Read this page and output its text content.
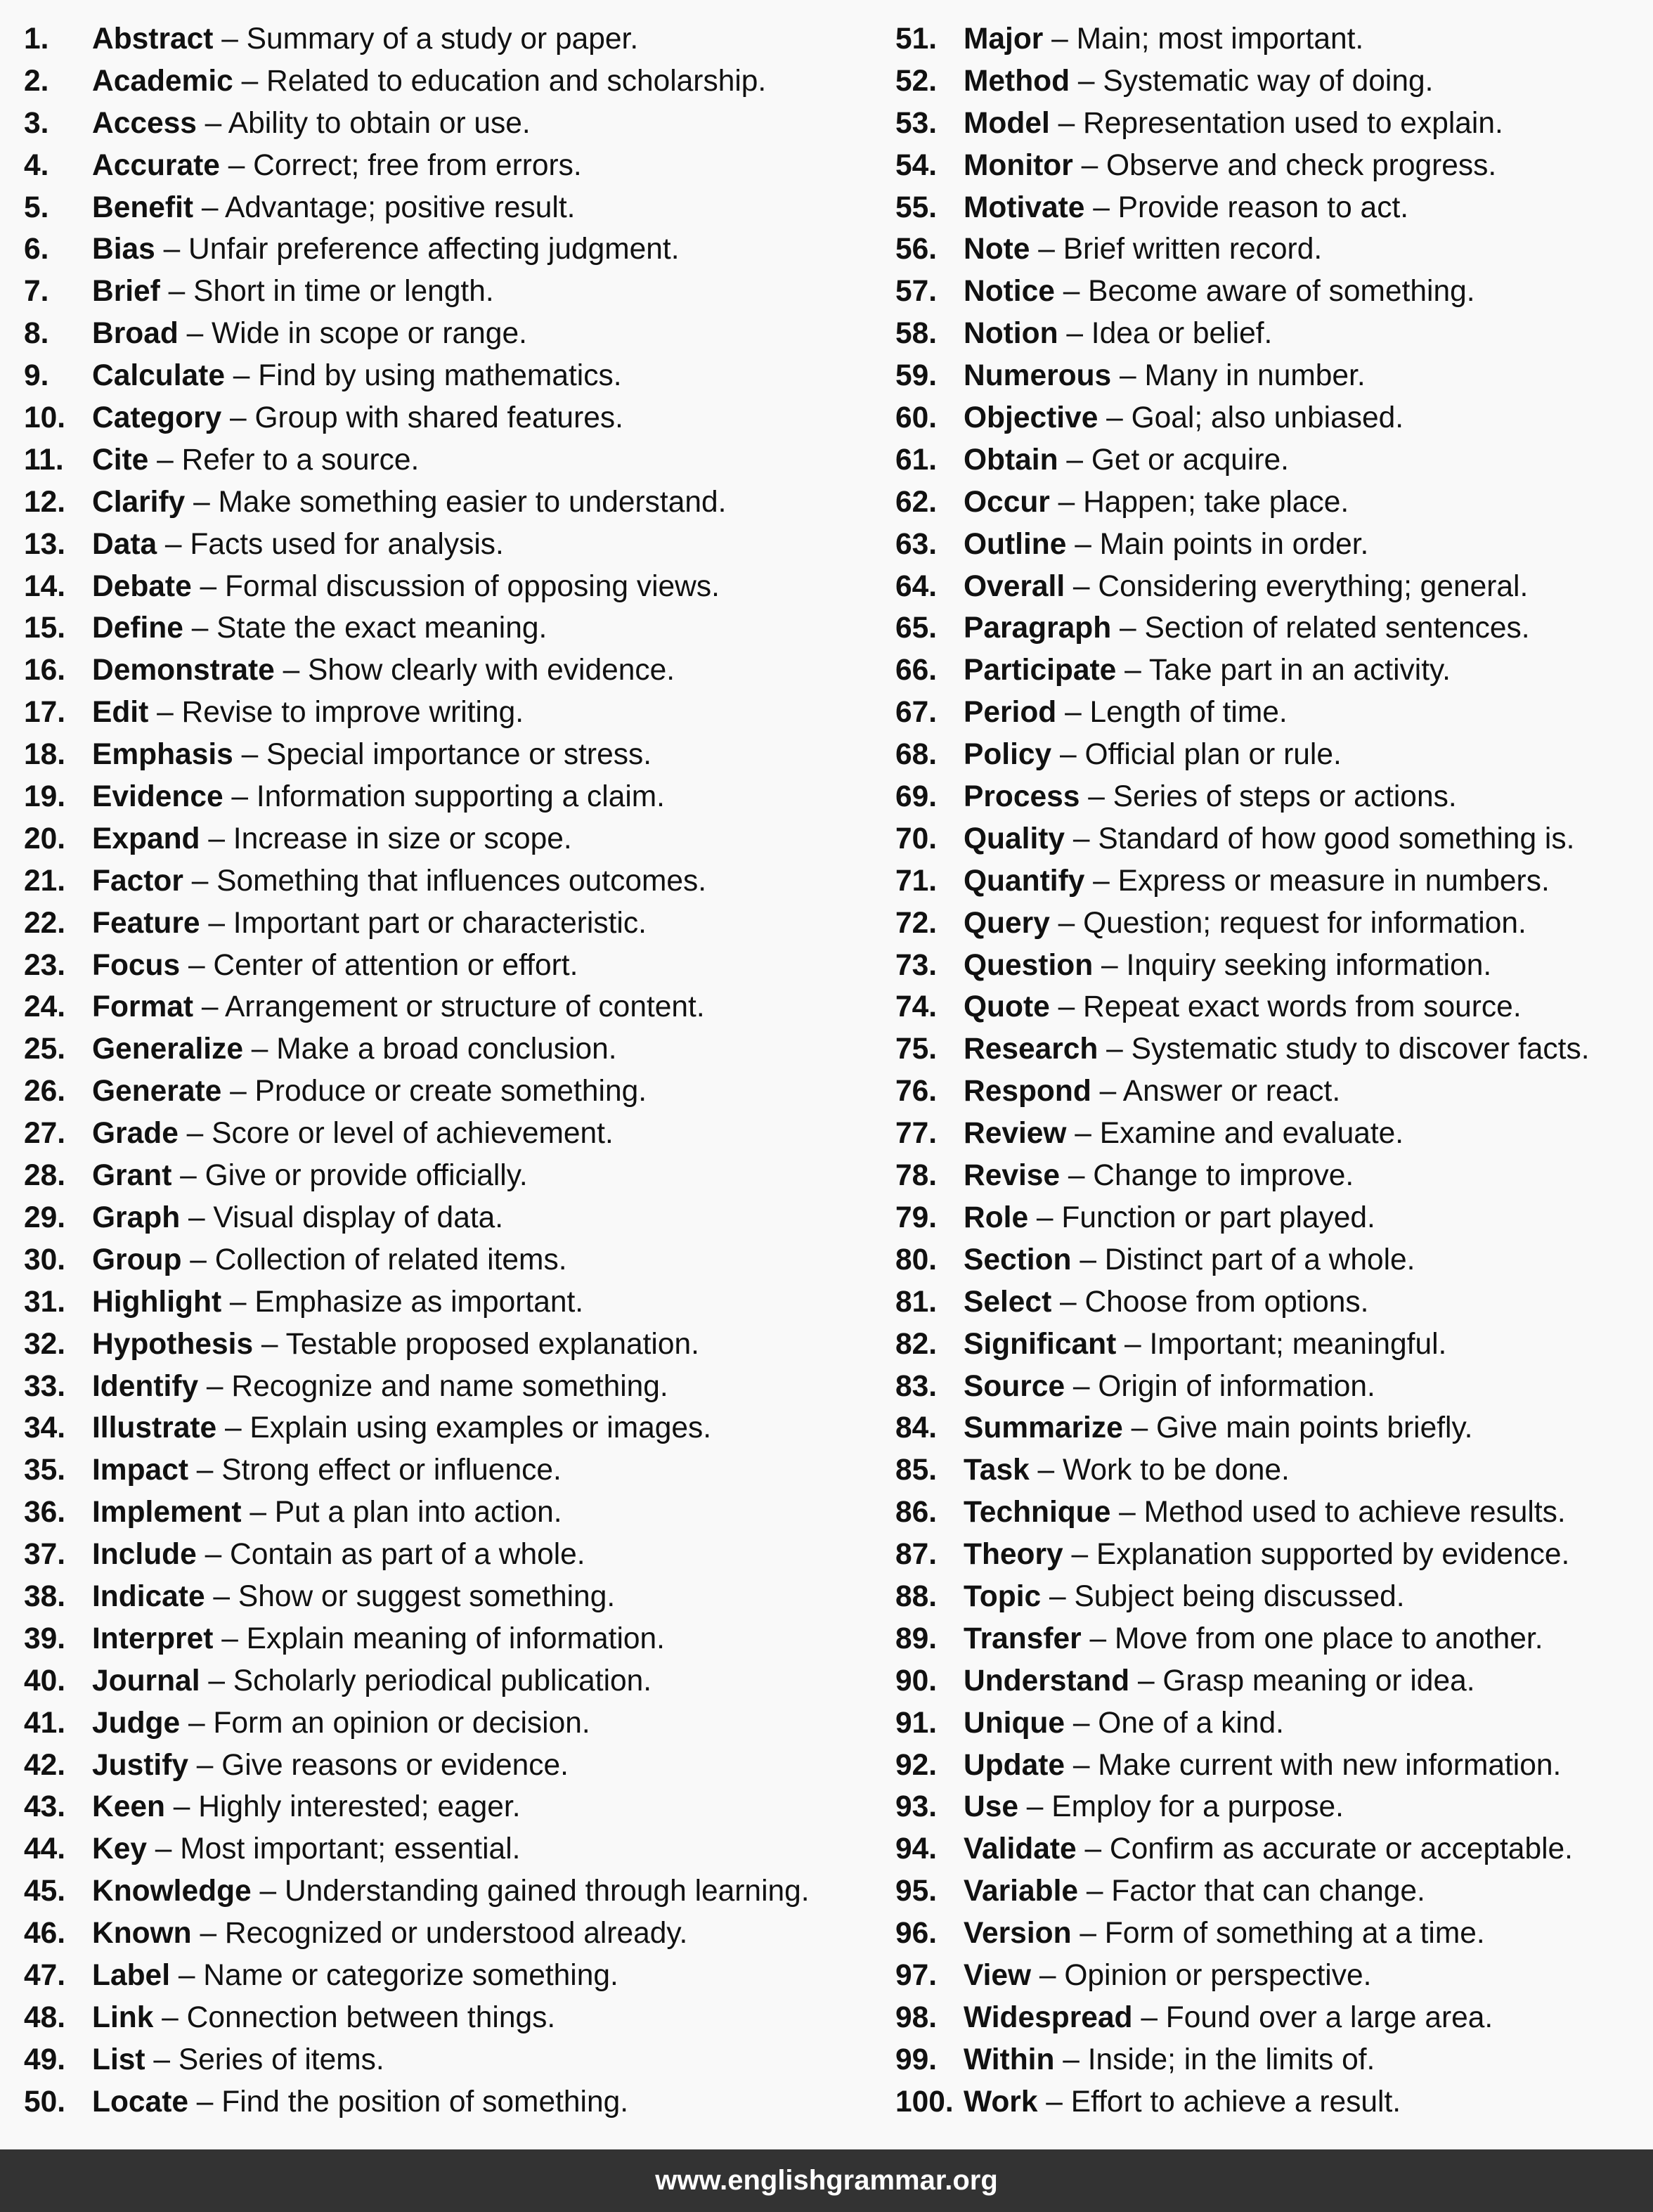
1. Abstract – Summary of a study or paper.
2. Academic – Related to education and scholarship.
3. Access – Ability to obtain or use.
4. Accurate – Correct; free from errors.
5. Benefit – Advantage; positive result.
6. Bias – Unfair preference affecting judgment.
7. Brief – Short in time or length.
8. Broad – Wide in scope or range.
9. Calculate – Find by using mathematics.
10. Category – Group with shared features.
11. Cite – Refer to a source.
12. Clarify – Make something easier to understand.
13. Data – Facts used for analysis.
14. Debate – Formal discussion of opposing views.
15. Define – State the exact meaning.
16. Demonstrate – Show clearly with evidence.
17. Edit – Revise to improve writing.
18. Emphasis – Special importance or stress.
19. Evidence – Information supporting a claim.
20. Expand – Increase in size or scope.
21. Factor – Something that influences outcomes.
22. Feature – Important part or characteristic.
23. Focus – Center of attention or effort.
24. Format – Arrangement or structure of content.
25. Generalize – Make a broad conclusion.
26. Generate – Produce or create something.
27. Grade – Score or level of achievement.
28. Grant – Give or provide officially.
29. Graph – Visual display of data.
30. Group – Collection of related items.
31. Highlight – Emphasize as important.
32. Hypothesis – Testable proposed explanation.
33. Identify – Recognize and name something.
34. Illustrate – Explain using examples or images.
35. Impact – Strong effect or influence.
36. Implement – Put a plan into action.
37. Include – Contain as part of a whole.
38. Indicate – Show or suggest something.
39. Interpret – Explain meaning of information.
40. Journal – Scholarly periodical publication.
41. Judge – Form an opinion or decision.
42. Justify – Give reasons or evidence.
43. Keen – Highly interested; eager.
44. Key – Most important; essential.
45. Knowledge – Understanding gained through learning.
46. Known – Recognized or understood already.
47. Label – Name or categorize something.
48. Link – Connection between things.
49. List – Series of items.
50. Locate – Find the position of something.
51. Major – Main; most important.
52. Method – Systematic way of doing.
53. Model – Representation used to explain.
54. Monitor – Observe and check progress.
55. Motivate – Provide reason to act.
56. Note – Brief written record.
57. Notice – Become aware of something.
58. Notion – Idea or belief.
59. Numerous – Many in number.
60. Objective – Goal; also unbiased.
61. Obtain – Get or acquire.
62. Occur – Happen; take place.
63. Outline – Main points in order.
64. Overall – Considering everything; general.
65. Paragraph – Section of related sentences.
66. Participate – Take part in an activity.
67. Period – Length of time.
68. Policy – Official plan or rule.
69. Process – Series of steps or actions.
70. Quality – Standard of how good something is.
71. Quantify – Express or measure in numbers.
72. Query – Question; request for information.
73. Question – Inquiry seeking information.
74. Quote – Repeat exact words from source.
75. Research – Systematic study to discover facts.
76. Respond – Answer or react.
77. Review – Examine and evaluate.
78. Revise – Change to improve.
79. Role – Function or part played.
80. Section – Distinct part of a whole.
81. Select – Choose from options.
82. Significant – Important; meaningful.
83. Source – Origin of information.
84. Summarize – Give main points briefly.
85. Task – Work to be done.
86. Technique – Method used to achieve results.
87. Theory – Explanation supported by evidence.
88. Topic – Subject being discussed.
89. Transfer – Move from one place to another.
90. Understand – Grasp meaning or idea.
91. Unique – One of a kind.
92. Update – Make current with new information.
93. Use – Employ for a purpose.
94. Validate – Confirm as accurate or acceptable.
95. Variable – Factor that can change.
96. Version – Form of something at a time.
97. View – Opinion or perspective.
98. Widespread – Found over a large area.
99. Within – Inside; in the limits of.
100. Work – Effort to achieve a result.
www.englishgrammar.org
